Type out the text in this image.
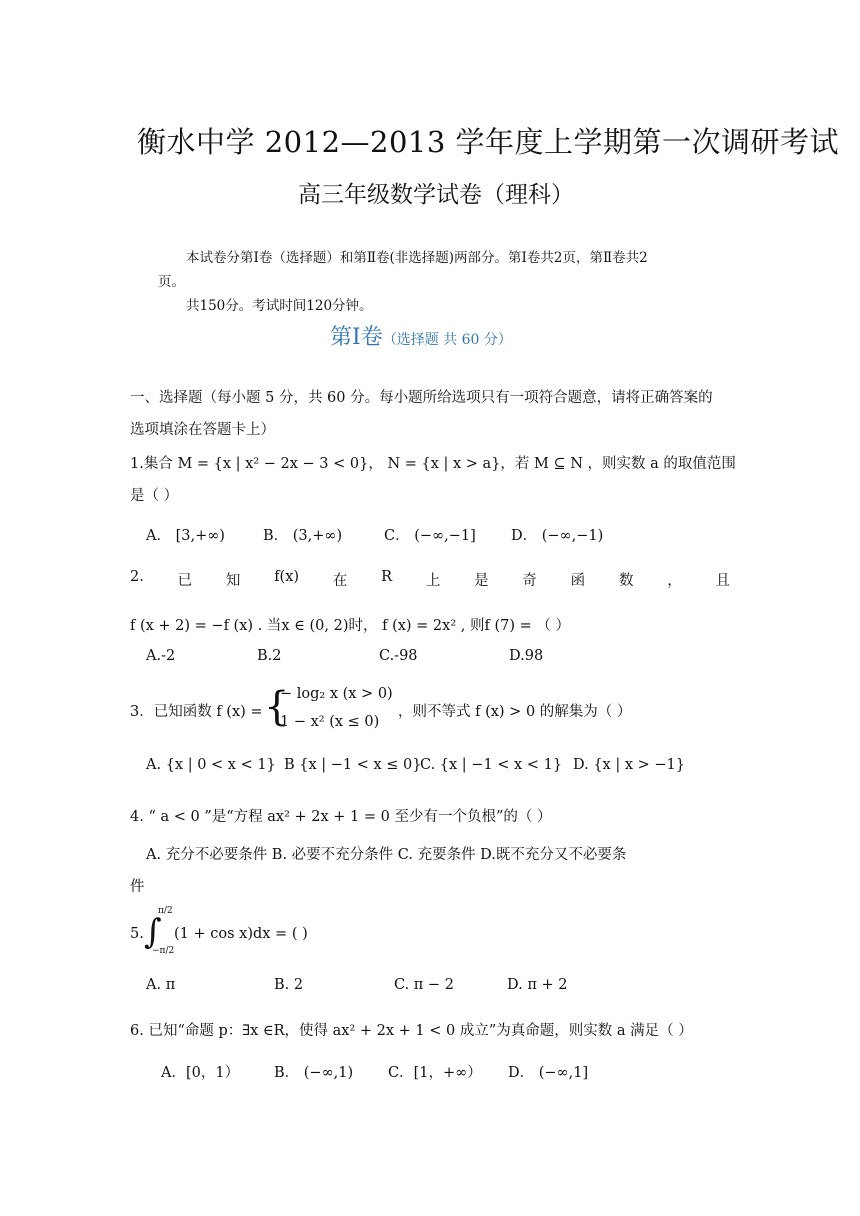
衡水中学 2012—2013 学年度上学期第一次调研考试
高三年级数学试卷（理科）
本试卷分第Ⅰ卷（选择题）和第Ⅱ卷(非选择题)两部分。第Ⅰ卷共2页，第Ⅱ卷共2
页。
共150分。考试时间120分钟。
第Ⅰ卷（选择题 共 60 分）
一、选择题（每小题 5 分，共 60 分。每小题所给选项只有一项符合题意，请将正确答案的
选项填涂在答题卡上）
1.集合 M = {x | x² − 2x − 3 < 0}， N = {x | x > a}，若 M ⊆ N ，则实数 a 的取值范围
是（ ）
A． [3,+∞)	B． (3,+∞)	C． (−∞,−1] D． (−∞,−1)
2. 已 知 f(x) 在 R 上 是 奇 函 数 ， 且
f (x + 2) = −f (x) . 当x ∈ (0, 2)时， f (x) = 2x² , 则f (7) = （ ）
A.-2	B.2	C.-98	D.98
3．已知函数 f (x) = {
− log₂ x (x > 0)
1 − x² (x ≤ 0)
，则不等式 f (x) > 0 的解集为（ ）
A. {x | 0 < x < 1} B {x | −1 < x ≤ 0}
C. {x | −1 < x < 1} D. {x | x > −1}
4. “ a < 0 ”是“方程 ax² + 2x + 1 = 0 至少有一个负根”的（ ）
A. 充分不必要条件 B. 必要不充分条件 C. 充要条件 D.既不充分又不必要条
件
5. ∫
π/2
−π/2
(1 + cos x)dx = ( )
A. π	B. 2	C. π − 2	D. π + 2
6. 已知“命题 p：∃x ∈R，使得 ax² + 2x + 1 < 0 成立”为真命题，则实数 a 满足（ ）
A．[0，1） B． (−∞,1) C．[1，+∞） D． (−∞,1]
